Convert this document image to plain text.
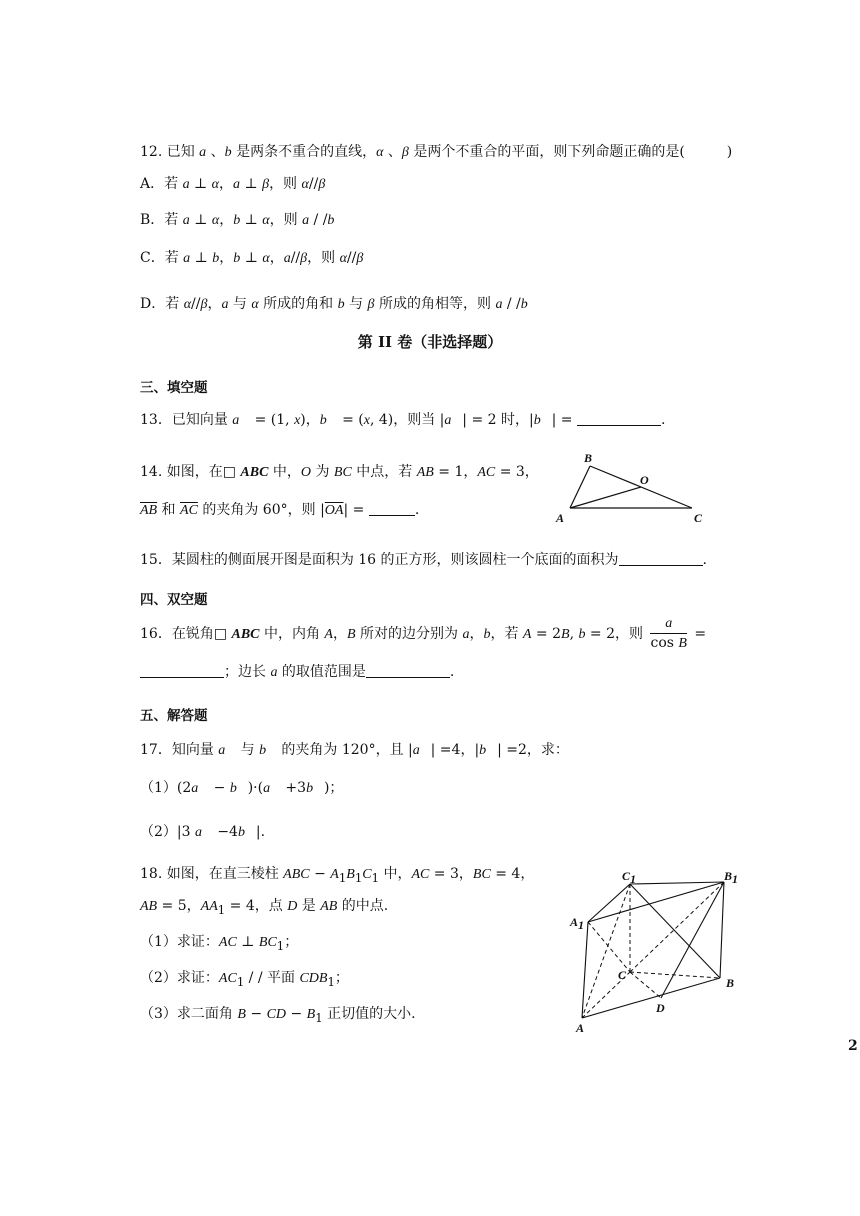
12. 已知 a 、b 是两条不重合的直线，α 、β 是两个不重合的平面，则下列命题正确的是(　　　)
A．若 a ⊥ α，a ⊥ β，则 α//β
B．若 a ⊥ α，b ⊥ α，则 a / /b
C．若 a ⊥ b，b ⊥ α，a//β，则 α//β
D．若 α//β，a 与 α 所成的角和 b 与 β 所成的角相等，则 a / /b
第 II 卷（非选择题）
三、填空题
13．已知向量 a⃗ = (1, x)，b⃗ = (x, 4)，则当 |a⃗| = 2 时，|b⃗| =	.
14. 如图，在□ ABC 中，O 为 BC 中点，若 AB = 1，AC = 3，
$\overline{AB}$ 和 $\overline{AC}$ 的夹角为 60°，则 $|\overline{OA}|$ =	.
B
O
A	C
15．某圆柱的侧面展开图是面积为 16 的正方形，则该圆柱一个底面的面积为	.
四、双空题
16．在锐角□ ABC 中，内角 A，B 所对的边分别为 a，b，若 A = 2B, b = 2，则 $\frac{a}{\text{cos B}}$ =
；边长 a 的取值范围是	.
五、解答题
17．知向量 a⃗ 与 b⃗ 的夹角为 120°，且 |a⃗| =4，|b⃗| =2，求：
（1）(2a⃗ − b⃗)·(a⃗ +3b⃗)；
（2）|3 a⃗ −4b⃗|.
18. 如图，在直三棱柱 ABC − $A_1B_1C_1$ 中，AC = 3，BC = 4，
AB = 5，$AA_1 = 4$，点 D 是 AB 的中点.
（1）求证：AC ⊥ $BC_1$；
（2）求证：$AC_1$ / / 平面 $CDB_1$；
（3）求二面角 B − CD − $B_1$ 正切值的大小.
C1	B1
A1
C
B
D
A
2
